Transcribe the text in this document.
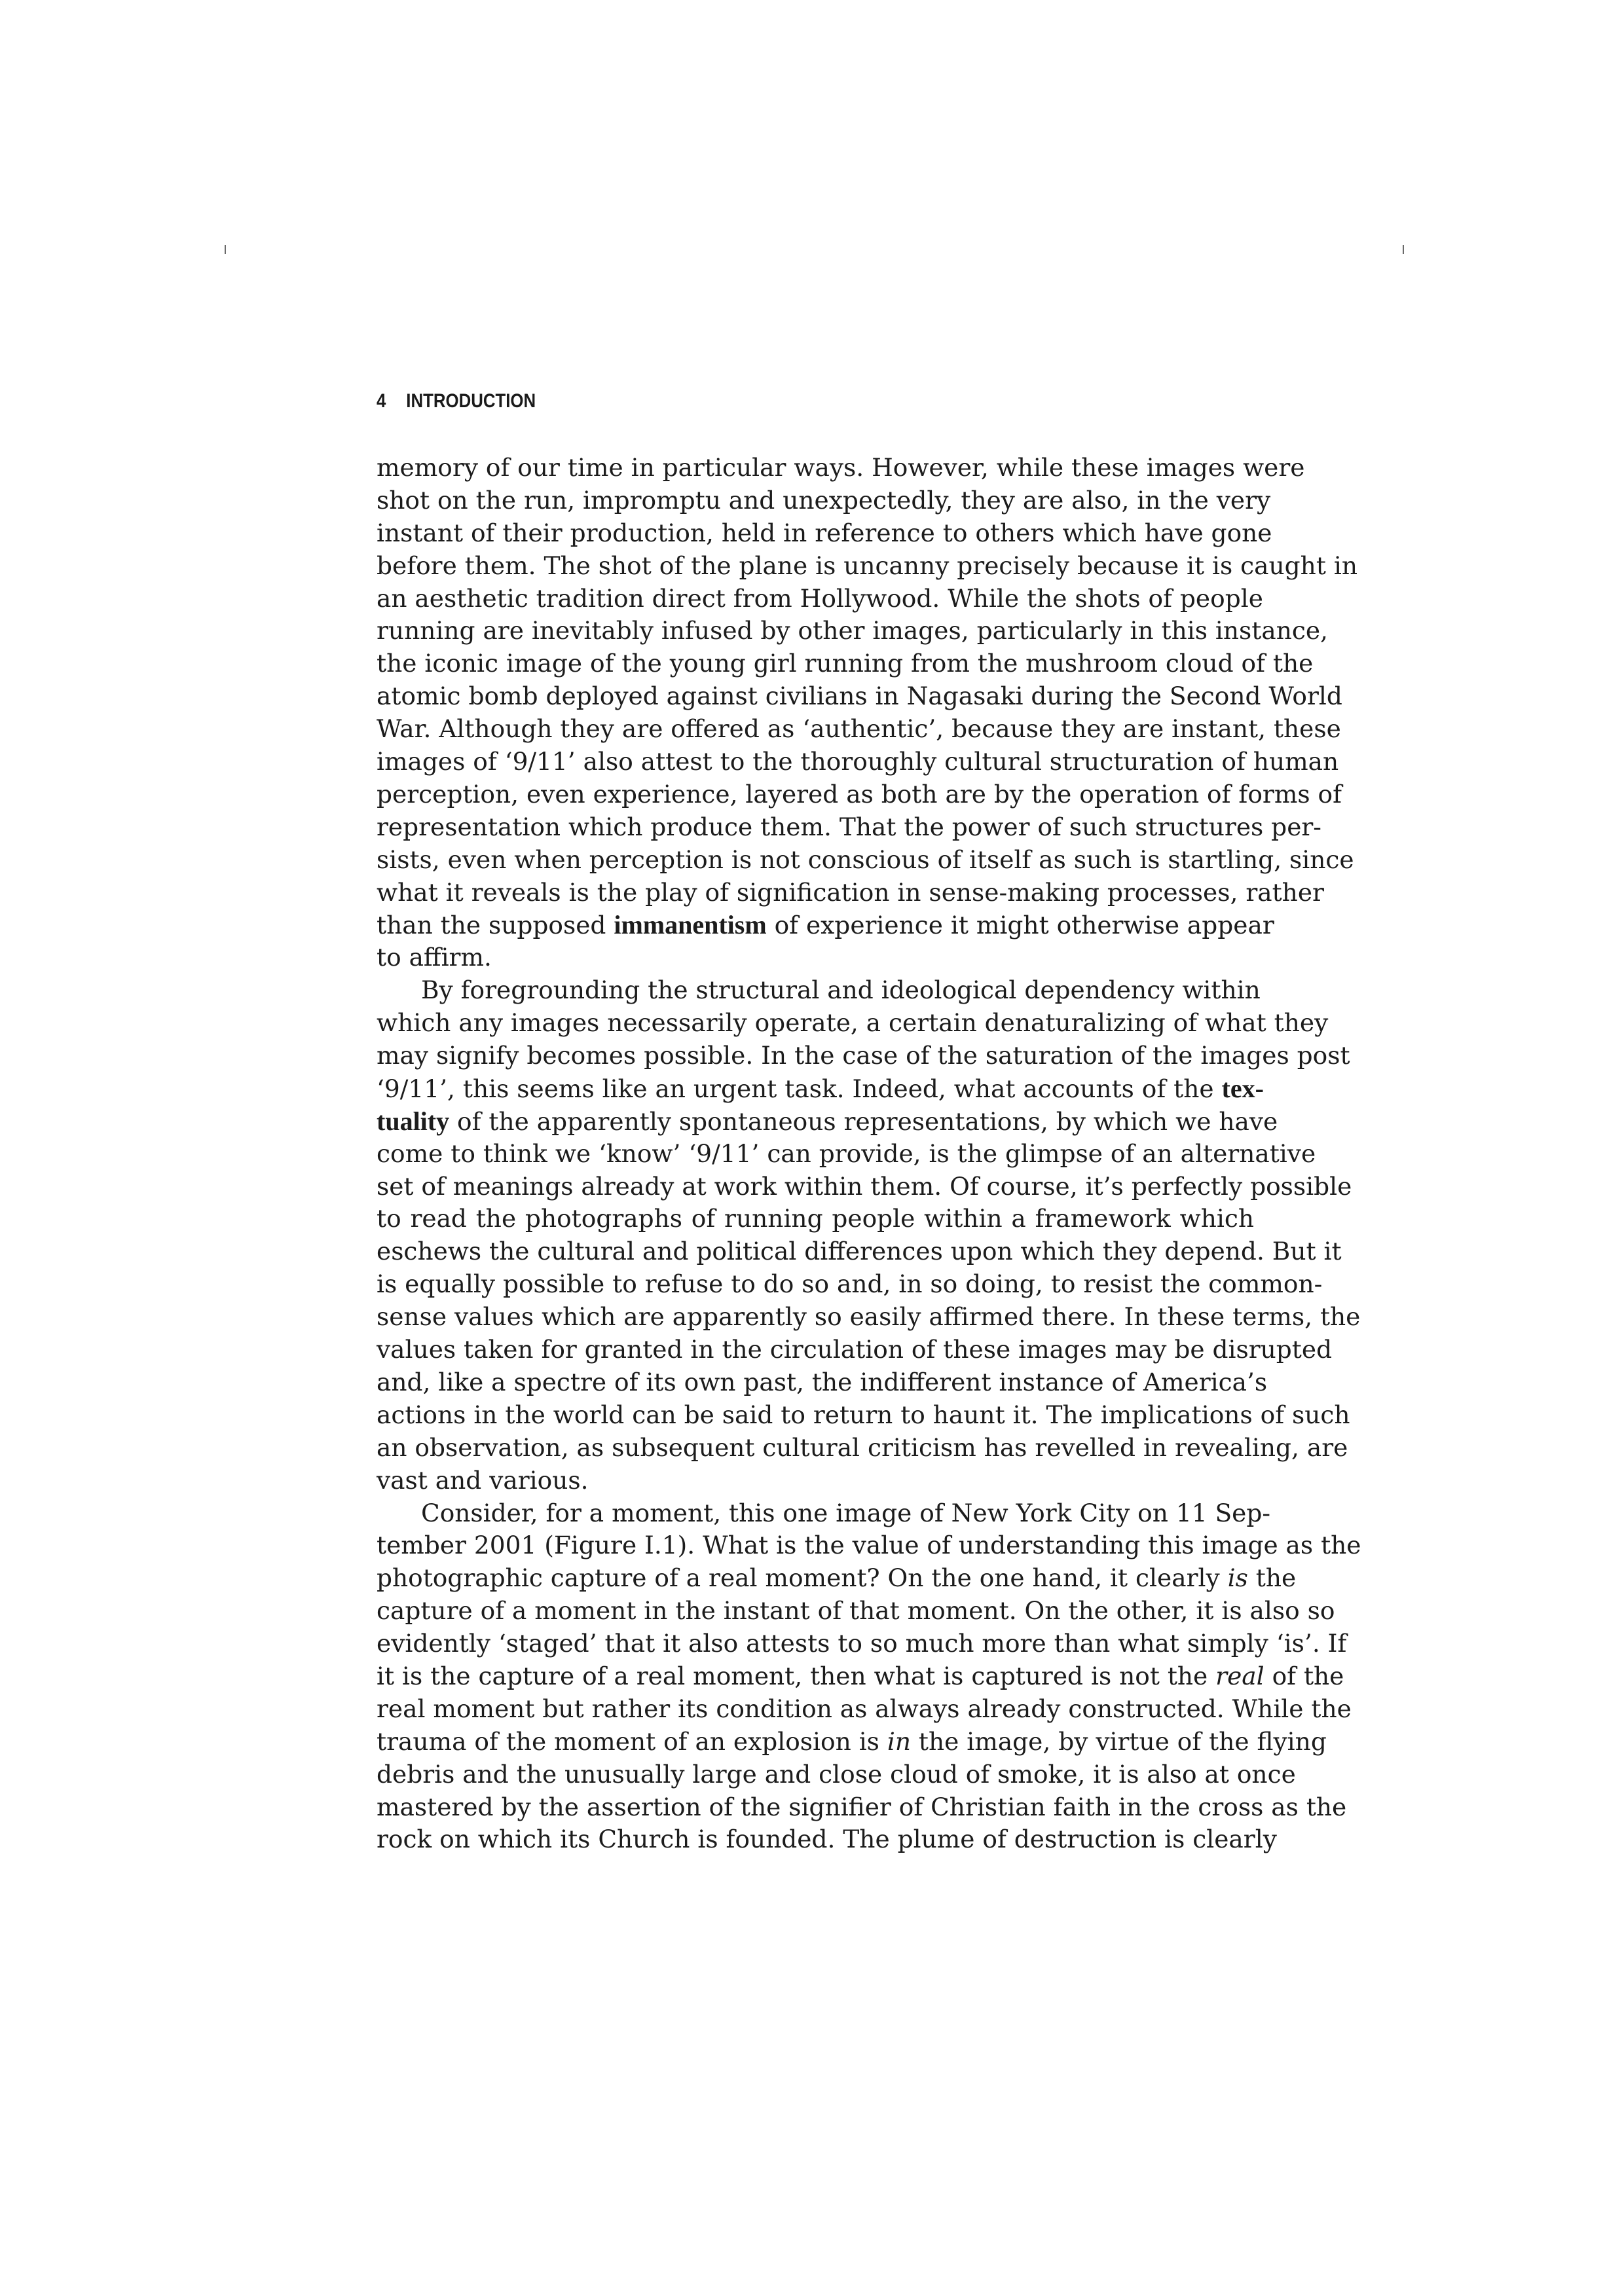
4 INTRODUCTION
memory of our time in particular ways. However, while these images were
shot on the run, impromptu and unexpectedly, they are also, in the very
instant of their production, held in reference to others which have gone
before them. The shot of the plane is uncanny precisely because it is caught in
an aesthetic tradition direct from Hollywood. While the shots of people
running are inevitably infused by other images, particularly in this instance,
the iconic image of the young girl running from the mushroom cloud of the
atomic bomb deployed against civilians in Nagasaki during the Second World
War. Although they are offered as ‘authentic’, because they are instant, these
images of ‘9/11’ also attest to the thoroughly cultural structuration of human
perception, even experience, layered as both are by the operation of forms of
representation which produce them. That the power of such structures per-
sists, even when perception is not conscious of itself as such is startling, since
what it reveals is the play of signification in sense-making processes, rather
than the supposed immanentism of experience it might otherwise appear
to affirm.
By foregrounding the structural and ideological dependency within
which any images necessarily operate, a certain denaturalizing of what they
may signify becomes possible. In the case of the saturation of the images post
‘9/11’, this seems like an urgent task. Indeed, what accounts of the tex-
tuality of the apparently spontaneous representations, by which we have
come to think we ‘know’ ‘9/11’ can provide, is the glimpse of an alternative
set of meanings already at work within them. Of course, it’s perfectly possible
to read the photographs of running people within a framework which
eschews the cultural and political differences upon which they depend. But it
is equally possible to refuse to do so and, in so doing, to resist the common-
sense values which are apparently so easily affirmed there. In these terms, the
values taken for granted in the circulation of these images may be disrupted
and, like a spectre of its own past, the indifferent instance of America’s
actions in the world can be said to return to haunt it. The implications of such
an observation, as subsequent cultural criticism has revelled in revealing, are
vast and various.
Consider, for a moment, this one image of New York City on 11 Sep-
tember 2001 (Figure I.1). What is the value of understanding this image as the
photographic capture of a real moment? On the one hand, it clearly is the
capture of a moment in the instant of that moment. On the other, it is also so
evidently ‘staged’ that it also attests to so much more than what simply ‘is’. If
it is the capture of a real moment, then what is captured is not the real of the
real moment but rather its condition as always already constructed. While the
trauma of the moment of an explosion is in the image, by virtue of the flying
debris and the unusually large and close cloud of smoke, it is also at once
mastered by the assertion of the signifier of Christian faith in the cross as the
rock on which its Church is founded. The plume of destruction is clearly
